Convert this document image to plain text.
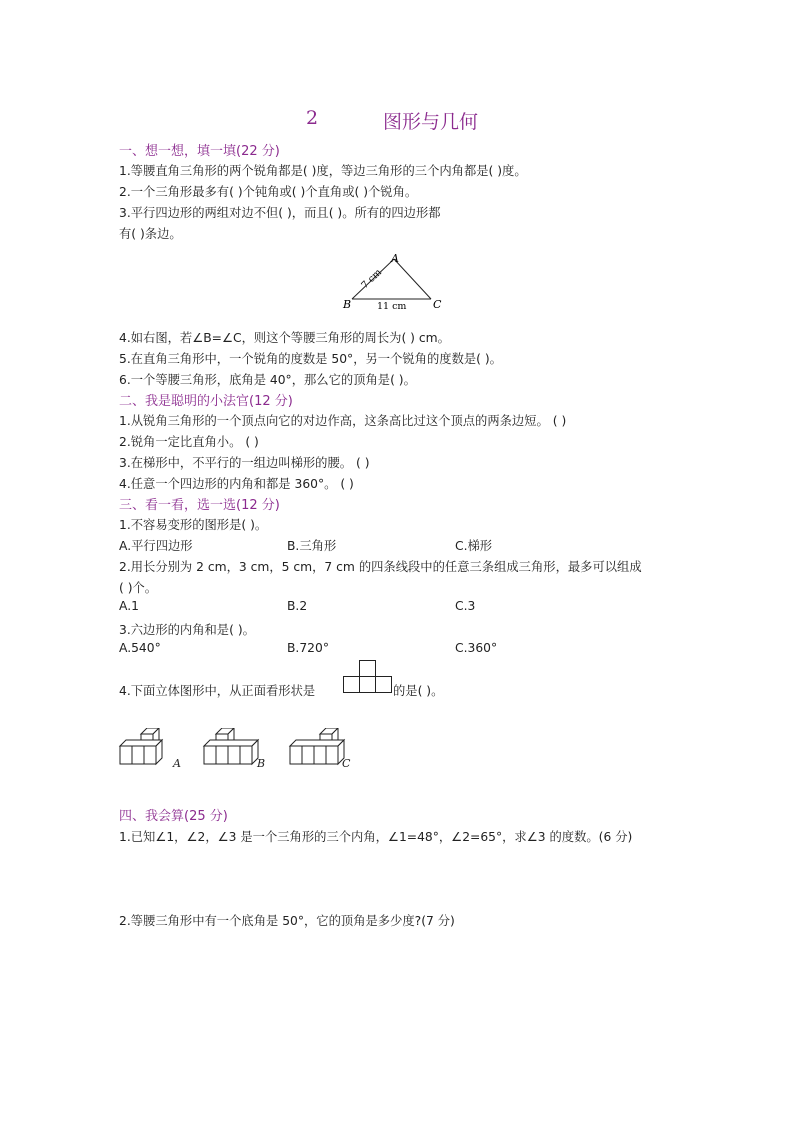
2	图形与几何
一、想一想，填一填(22 分)
1.等腰直角三角形的两个锐角都是( )度，等边三角形的三个内角都是( )度。
2.一个三角形最多有( )个钝角或( )个直角或( )个锐角。
3.平行四边形的两组对边不但( )，而且( )。所有的四边形都
有( )条边。
A
B	C
7 cm
11 cm
4.如右图，若∠B=∠C，则这个等腰三角形的周长为( ) cm。
5.在直角三角形中，一个锐角的度数是 50°，另一个锐角的度数是( )。
6.一个等腰三角形，底角是 40°，那么它的顶角是( )。
二、我是聪明的小法官(12 分)
1.从锐角三角形的一个顶点向它的对边作高，这条高比过这个顶点的两条边短。 ( )
2.锐角一定比直角小。 ( )
3.在梯形中，不平行的一组边叫梯形的腰。 ( )
4.任意一个四边形的内角和都是 360°。 ( )
三、看一看，选一选(12 分)
1.不容易变形的图形是( )。
A.平行四边形	B.三角形	C.梯形
2.用长分别为 2 cm，3 cm，5 cm，7 cm 的四条线段中的任意三条组成三角形，最多可以组成
( )个。
A.1	B.2	C.3
3.六边形的内角和是( )。
A.540°	B.720°	C.360°
4.下面立体图形中，从正面看形状是	的是( )。
A	B	C
四、我会算(25 分)
1.已知∠1，∠2，∠3 是一个三角形的三个内角，∠1=48°，∠2=65°，求∠3 的度数。(6 分)
2.等腰三角形中有一个底角是 50°，它的顶角是多少度?(7 分)
